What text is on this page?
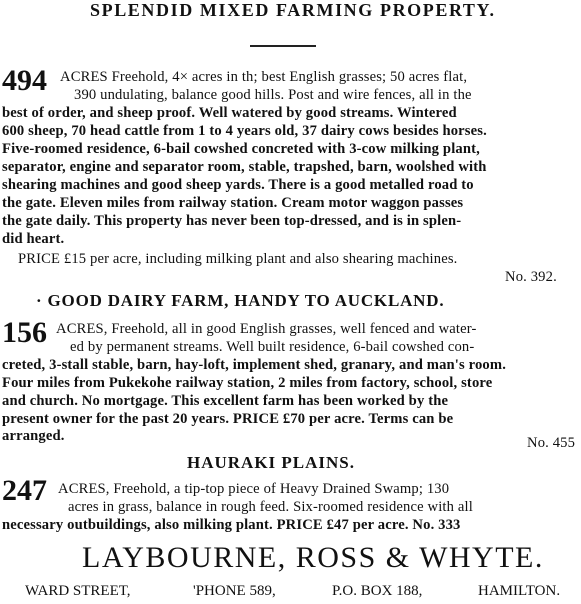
SPLENDID MIXED FARMING PROPERTY.
494 ACRES Freehold, 4× acres in th; best English grasses; 50 acres flat,
390 undulating, balance good hills. Post and wire fences, all in the
best of order, and sheep proof. Well watered by good streams. Wintered
600 sheep, 70 head cattle from 1 to 4 years old, 37 dairy cows besides horses.
Five-roomed residence, 6-bail cowshed concreted with 3-cow milking plant,
separator, engine and separator room, stable, trapshed, barn, woolshed with
shearing machines and good sheep yards. There is a good metalled road to
the gate. Eleven miles from railway station. Cream motor waggon passes
the gate daily. This property has never been top-dressed, and is in splen-
did heart.
PRICE £15 per acre, including milking plant and also shearing machines.
No. 392.
· GOOD DAIRY FARM, HANDY TO AUCKLAND.
156 ACRES, Freehold, all in good English grasses, well fenced and water-
ed by permanent streams. Well built residence, 6-bail cowshed con-
creted, 3-stall stable, barn, hay-loft, implement shed, granary, and man's room.
Four miles from Pukekohe railway station, 2 miles from factory, school, store
and church. No mortgage. This excellent farm has been worked by the
present owner for the past 20 years. PRICE £70 per acre. Terms can be
arranged.	No. 455
HAURAKI PLAINS.
247 ACRES, Freehold, a tip-top piece of Heavy Drained Swamp; 130
acres in grass, balance in rough feed. Six-roomed residence with all
necessary outbuildings, also milking plant. PRICE £47 per acre. No. 333
LAYBOURNE, ROSS & WHYTE.
WARD STREET,	'PHONE 589,	P.O. BOX 188,	HAMILTON.
